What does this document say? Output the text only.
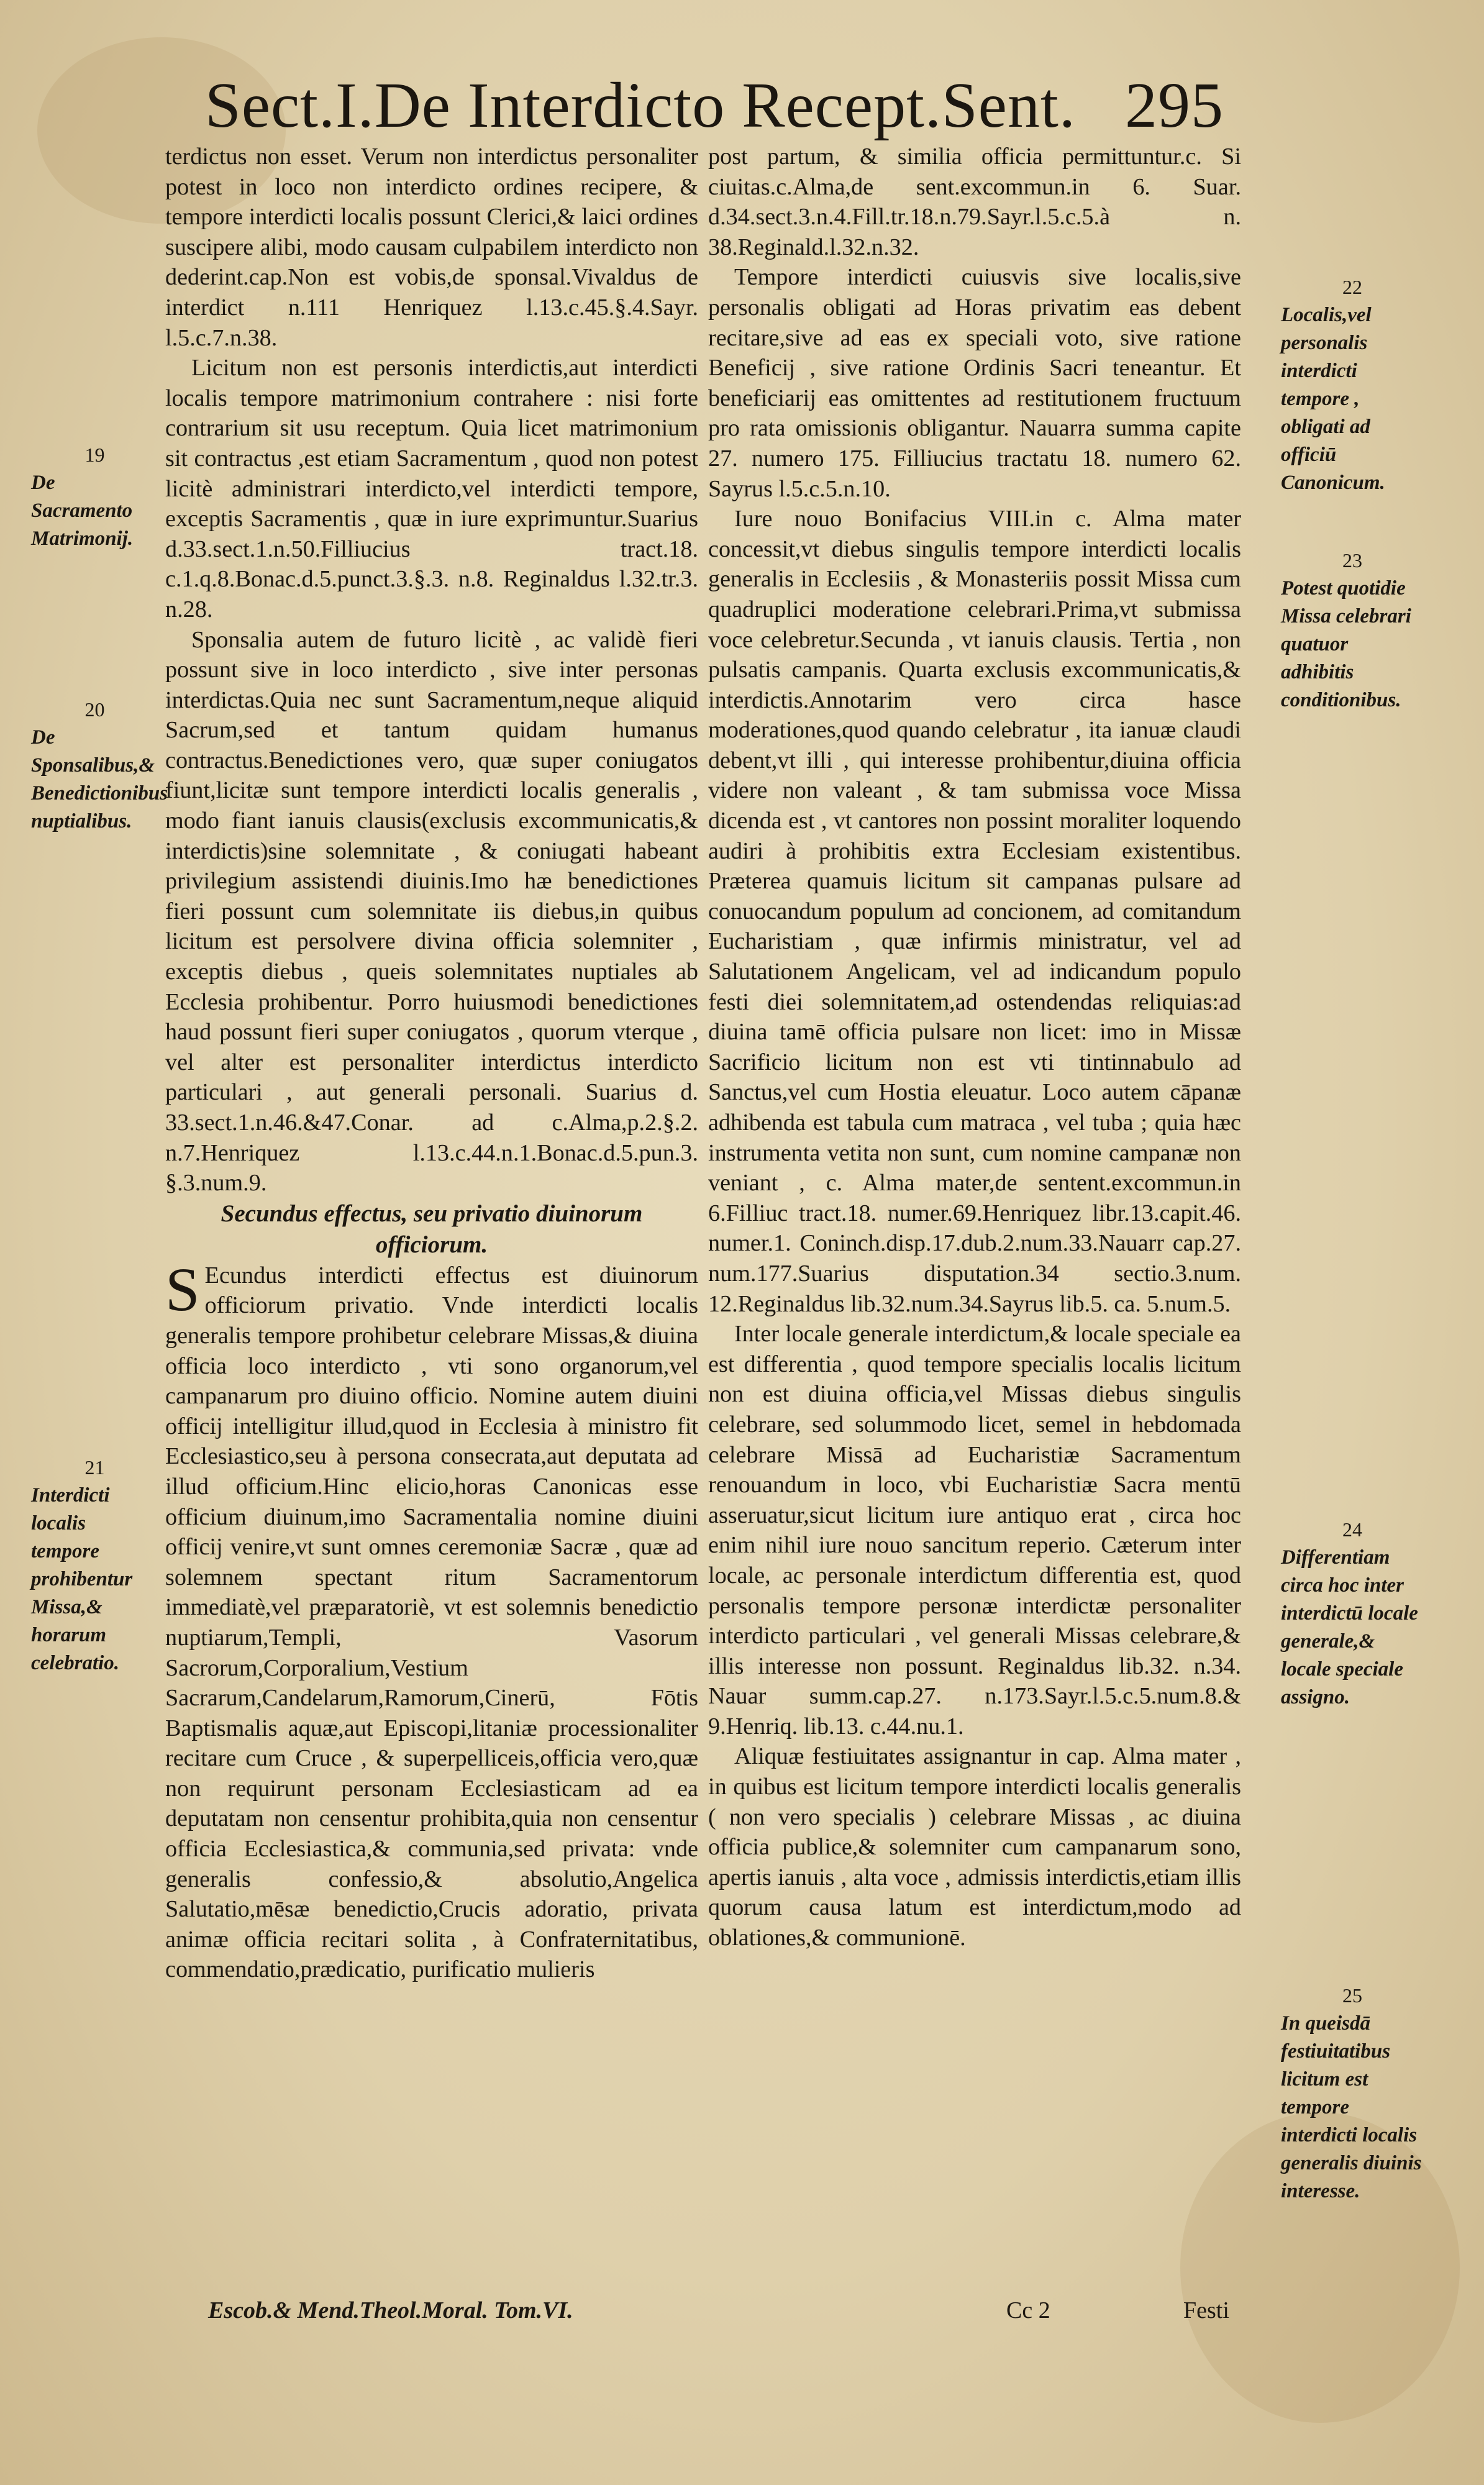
Sect.I.De Interdicto Recept.Sent. 295

terdictus non esset. Verum non interdictus personaliter potest in loco non interdicto ordines recipere, & tempore interdicti localis possunt Clerici,& laici ordines suscipere alibi, modo causam culpabilem interdicto non dederint.cap.Non est vobis,de sponsal.Vivaldus de interdict n.111 Henriquez l.13.c.45.§.4.Sayr. l.5.c.7.n.38.

Licitum non est personis interdictis,aut interdicti localis tempore matrimonium contrahere : nisi forte contrarium sit usu receptum. Quia licet matrimonium sit contractus ,est etiam Sacramentum , quod non potest licitè administrari interdicto,vel interdicti tempore, exceptis Sacramentis , quæ in iure exprimuntur.Suarius d.33.sect.1.n.50.Filliucius tract.18. c.1.q.8.Bonac.d.5.punct.3.§.3. n.8. Reginaldus l.32.tr.3. n.28.

Sponsalia autem de futuro licitè , ac validè fieri possunt sive in loco interdicto , sive inter personas interdictas.Quia nec sunt Sacramentum,neque aliquid Sacrum,sed et tantum quidam humanus contractus.Benedictiones vero, quæ super coniugatos fiunt,licitæ sunt tempore interdicti localis generalis , modo fiant ianuis clausis(exclusis excommunicatis,& interdictis)sine solemnitate , & coniugati habeant privilegium assistendi diuinis.Imo hæ benedictiones fieri possunt cum solemnitate iis diebus,in quibus licitum est persolvere divina officia solemniter , exceptis diebus , queis solemnitates nuptiales ab Ecclesia prohibentur. Porro huiusmodi benedictiones haud possunt fieri super coniugatos , quorum vterque , vel alter est personaliter interdictus interdicto particulari , aut generali personali. Suarius d. 33.sect.1.n.46.&47.Conar. ad c.Alma,p.2.§.2. n.7.Henriquez l.13.c.44.n.1.Bonac.d.5.pun.3. §.3.num.9.

Secundus effectus, seu privatio diuinorum officiorum.

S Ecundus interdicti effectus est diuinorum officiorum privatio. Vnde interdicti localis generalis tempore prohibetur celebrare Missas,& diuina officia loco interdicto , vti sono organorum,vel campanarum pro diuino officio. Nomine autem diuini officij intelligitur illud,quod in Ecclesia à ministro fit Ecclesiastico,seu à persona consecrata,aut deputata ad illud officium.Hinc elicio,horas Canonicas esse officium diuinum,imo Sacramentalia nomine diuini officij venire,vt sunt omnes ceremoniæ Sacræ , quæ ad solemnem spectant ritum Sacramentorum immediatè,vel præparatoriè, vt est solemnis benedictio nuptiarum,Templi, Vasorum Sacrorum,Corporalium,Vestium Sacrarum,Candelarum,Ramorum,Cinerū, Fōtis Baptismalis aquæ,aut Episcopi,litaniæ processionaliter recitare cum Cruce , & superpelliceis,officia vero,quæ non requirunt personam Ecclesiasticam ad ea deputatam non censentur prohibita,quia non censentur officia Ecclesiastica,& communia,sed privata: vnde generalis confessio,& absolutio,Angelica Salutatio,mēsæ benedictio,Crucis adoratio, privata animæ officia recitari solita , à Confraternitatibus, commendatio,prædicatio, purificatio mulieris

post partum, & similia officia permittuntur.c. Si ciuitas.c.Alma,de sent.excommun.in 6. Suar. d.34.sect.3.n.4.Fill.tr.18.n.79.Sayr.l.5.c.5.à n. 38.Reginald.l.32.n.32.

Tempore interdicti cuiusvis sive localis,sive personalis obligati ad Horas privatim eas debent recitare,sive ad eas ex speciali voto, sive ratione Beneficij , sive ratione Ordinis Sacri teneantur. Et beneficiarij eas omittentes ad restitutionem fructuum pro rata omissionis obligantur. Nauarra summa capite 27. numero 175. Filliucius tractatu 18. numero 62. Sayrus l.5.c.5.n.10.

Iure nouo Bonifacius VIII.in c. Alma mater concessit,vt diebus singulis tempore interdicti localis generalis in Ecclesiis , & Monasteriis possit Missa cum quadruplici moderatione celebrari.Prima,vt submissa voce celebretur.Secunda , vt ianuis clausis. Tertia , non pulsatis campanis. Quarta exclusis excommunicatis,& interdictis.Annotarim vero circa hasce moderationes,quod quando celebratur , ita ianuæ claudi debent,vt illi , qui interesse prohibentur,diuina officia videre non valeant , & tam submissa voce Missa dicenda est , vt cantores non possint moraliter loquendo audiri à prohibitis extra Ecclesiam existentibus. Præterea quamuis licitum sit campanas pulsare ad conuocandum populum ad concionem, ad comitandum Eucharistiam , quæ infirmis ministratur, vel ad Salutationem Angelicam, vel ad indicandum populo festi diei solemnitatem,ad ostendendas reliquias:ad diuina tamē officia pulsare non licet: imo in Missæ Sacrificio licitum non est vti tintinnabulo ad Sanctus,vel cum Hostia eleuatur. Loco autem cāpanæ adhibenda est tabula cum matraca , vel tuba ; quia hæc instrumenta vetita non sunt, cum nomine campanæ non veniant , c. Alma mater,de sentent.excommun.in 6.Filliuc tract.18. numer.69.Henriquez libr.13.capit.46. numer.1. Coninch.disp.17.dub.2.num.33.Nauarr cap.27. num.177.Suarius disputation.34 sectio.3.num. 12.Reginaldus lib.32.num.34.Sayrus lib.5. ca. 5.num.5.

Inter locale generale interdictum,& locale speciale ea est differentia , quod tempore specialis localis licitum non est diuina officia,vel Missas diebus singulis celebrare, sed solummodo licet, semel in hebdomada celebrare Missā ad Eucharistiæ Sacramentum renouandum in loco, vbi Eucharistiæ Sacra mentū asseruatur,sicut licitum iure antiquo erat , circa hoc enim nihil iure nouo sancitum reperio. Cæterum inter locale, ac personale interdictum differentia est, quod personalis tempore personæ interdictæ personaliter interdicto particulari , vel generali Missas celebrare,& illis interesse non possunt. Reginaldus lib.32. n.34. Nauar summ.cap.27. n.173.Sayr.l.5.c.5.num.8.& 9.Henriq. lib.13. c.44.nu.1.

Aliquæ festiuitates assignantur in cap. Alma mater , in quibus est licitum tempore interdicti localis generalis ( non vero specialis ) celebrare Missas , ac diuina officia publice,& solemniter cum campanarum sono, apertis ianuis , alta voce , admissis interdictis,etiam illis quorum causa latum est interdictum,modo ad oblationes,& communionē.

19
De Sacramento Matrimonij.
20
De Sponsalibus,& Benedictionibus nuptialibus.
21
Interdicti localis tempore prohibentur Missa,& horarum celebratio.
22
Localis,vel personalis interdicti tempore , obligati ad officiū Canonicum.
23
Potest quotidie Missa celebrari quatuor adhibitis conditionibus.
24
Differentiam circa hoc inter interdictū locale generale,& locale speciale assigno.
25
In queisdā festiuitatibus licitum est tempore interdicti localis generalis diuinis interesse.
Escob.& Mend.Theol.Moral. Tom.VI.	Cc 2	Festi
